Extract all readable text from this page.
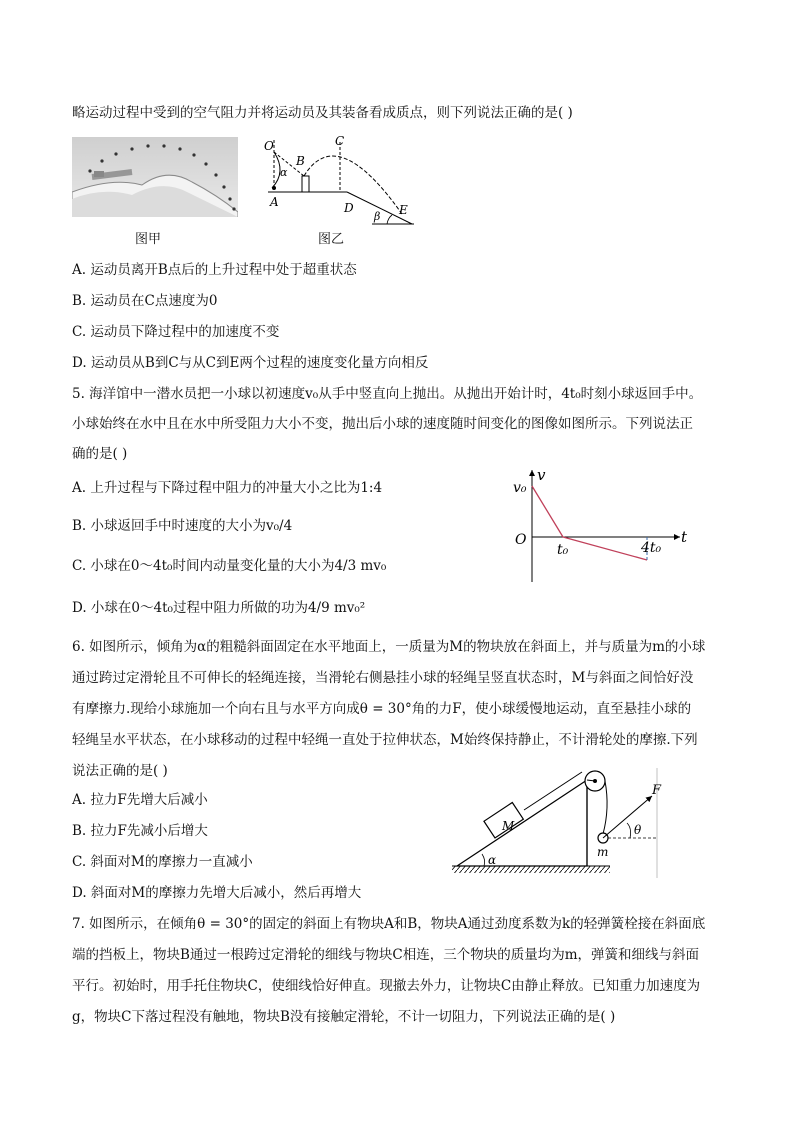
略运动过程中受到的空气阻力并将运动员及其装备看成质点，则下列说法正确的是( )
图甲
O
B
C
A	D	E
α
β
图乙
A. 运动员离开B点后的上升过程中处于超重状态
B. 运动员在C点速度为0
C. 运动员下降过程中的加速度不变
D. 运动员从B到C与从C到E两个过程的速度变化量方向相反
5. 海洋馆中一潜水员把一小球以初速度v₀从手中竖直向上抛出。从抛出开始计时，4t₀时刻小球返回手中。
小球始终在水中且在水中所受阻力大小不变，抛出后小球的速度随时间变化的图像如图所示。下列说法正
确的是( )
A. 上升过程与下降过程中阻力的冲量大小之比为1:4
B. 小球返回手中时速度的大小为v₀/4
C. 小球在0～4t₀时间内动量变化量的大小为4/3 mv₀
D. 小球在0～4t₀过程中阻力所做的功为4/9 mv₀²
v
t
v₀
O
t₀	4t₀
6. 如图所示，倾角为α的粗糙斜面固定在水平地面上，一质量为M的物块放在斜面上，并与质量为m的小球
通过跨过定滑轮且不可伸长的轻绳连接，当滑轮右侧悬挂小球的轻绳呈竖直状态时，M与斜面之间恰好没
有摩擦力.现给小球施加一个向右且与水平方向成θ = 30°角的力F，使小球缓慢地运动，直至悬挂小球的
轻绳呈水平状态，在小球移动的过程中轻绳一直处于拉伸状态，M始终保持静止，不计滑轮处的摩擦.下列
说法正确的是( )
A. 拉力F先增大后减小
B. 拉力F先减小后增大
C. 斜面对M的摩擦力一直减小
D. 斜面对M的摩擦力先增大后减小，然后再增大
α
M
F
θ
m
7. 如图所示，在倾角θ = 30°的固定的斜面上有物块A和B，物块A通过劲度系数为k的轻弹簧栓接在斜面底
端的挡板上，物块B通过一根跨过定滑轮的细线与物块C相连，三个物块的质量均为m，弹簧和细线与斜面
平行。初始时，用手托住物块C，使细线恰好伸直。现撤去外力，让物块C由静止释放。已知重力加速度为
g，物块C下落过程没有触地，物块B没有接触定滑轮，不计一切阻力，下列说法正确的是( )
